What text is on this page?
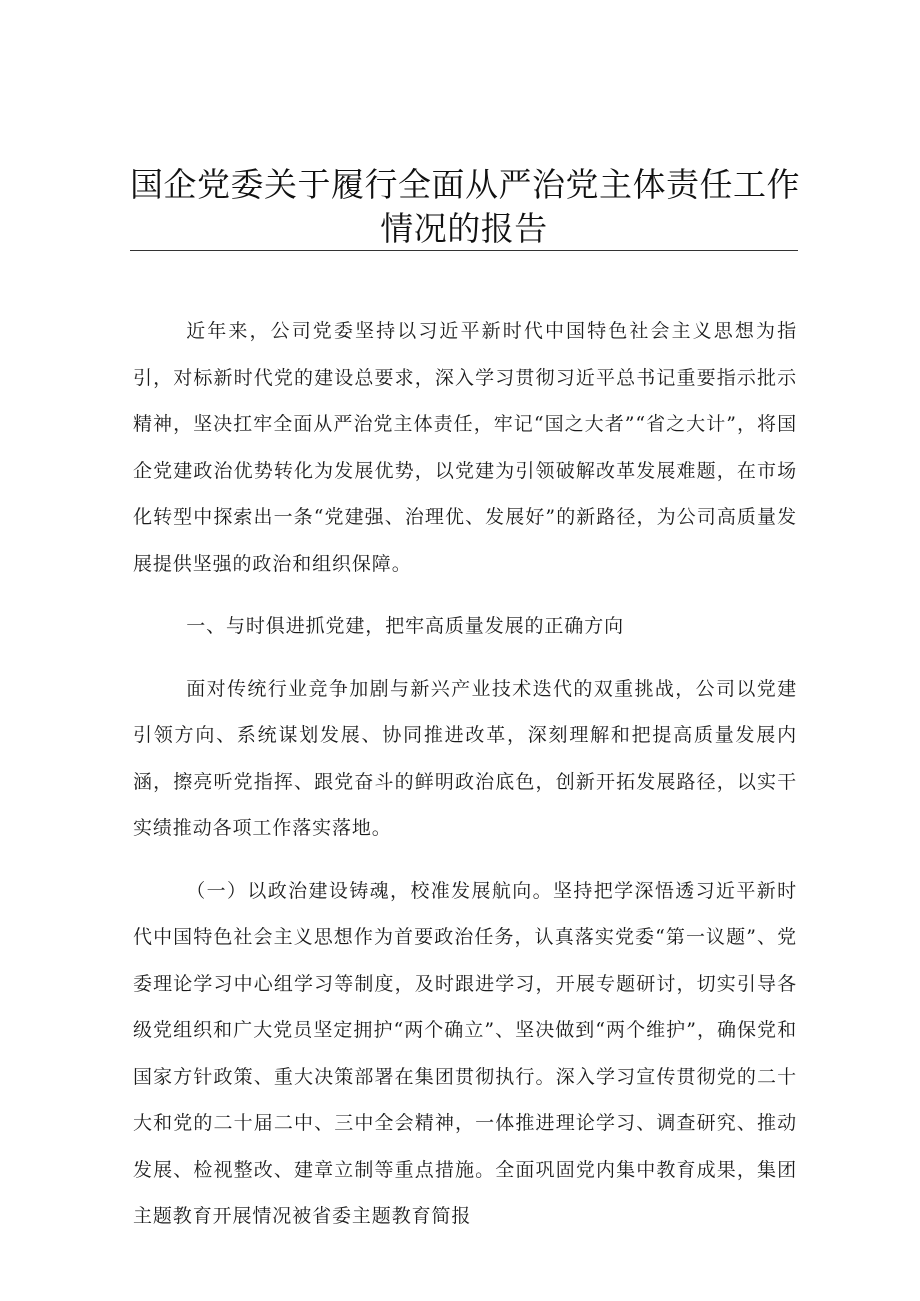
国企党委关于履行全面从严治党主体责任工作
情况的报告

近年来，公司党委坚持以习近平新时代中国特色社会主义思想为指引，对标新时代党的建设总要求，深入学习贯彻习近平总书记重要指示批示精神，坚决扛牢全面从严治党主体责任，牢记“国之大者”“省之大计”，将国企党建政治优势转化为发展优势，以党建为引领破解改革发展难题，在市场化转型中探索出一条“党建强、治理优、发展好”的新路径，为公司高质量发展提供坚强的政治和组织保障。

一、与时俱进抓党建，把牢高质量发展的正确方向

面对传统行业竞争加剧与新兴产业技术迭代的双重挑战，公司以党建引领方向、系统谋划发展、协同推进改革，深刻理解和把提高质量发展内涵，擦亮听党指挥、跟党奋斗的鲜明政治底色，创新开拓发展路径，以实干实绩推动各项工作落实落地。

（一）以政治建设铸魂，校准发展航向。坚持把学深悟透习近平新时代中国特色社会主义思想作为首要政治任务，认真落实党委“第一议题”、党委理论学习中心组学习等制度，及时跟进学习，开展专题研讨，切实引导各级党组织和广大党员坚定拥护“两个确立”、坚决做到“两个维护”，确保党和国家方针政策、重大决策部署在集团贯彻执行。深入学习宣传贯彻党的二十大和党的二十届二中、三中全会精神，一体推进理论学习、调查研究、推动发展、检视整改、建章立制等重点措施。全面巩固党内集中教育成果，集团主题教育开展情况被省委主题教育简报
